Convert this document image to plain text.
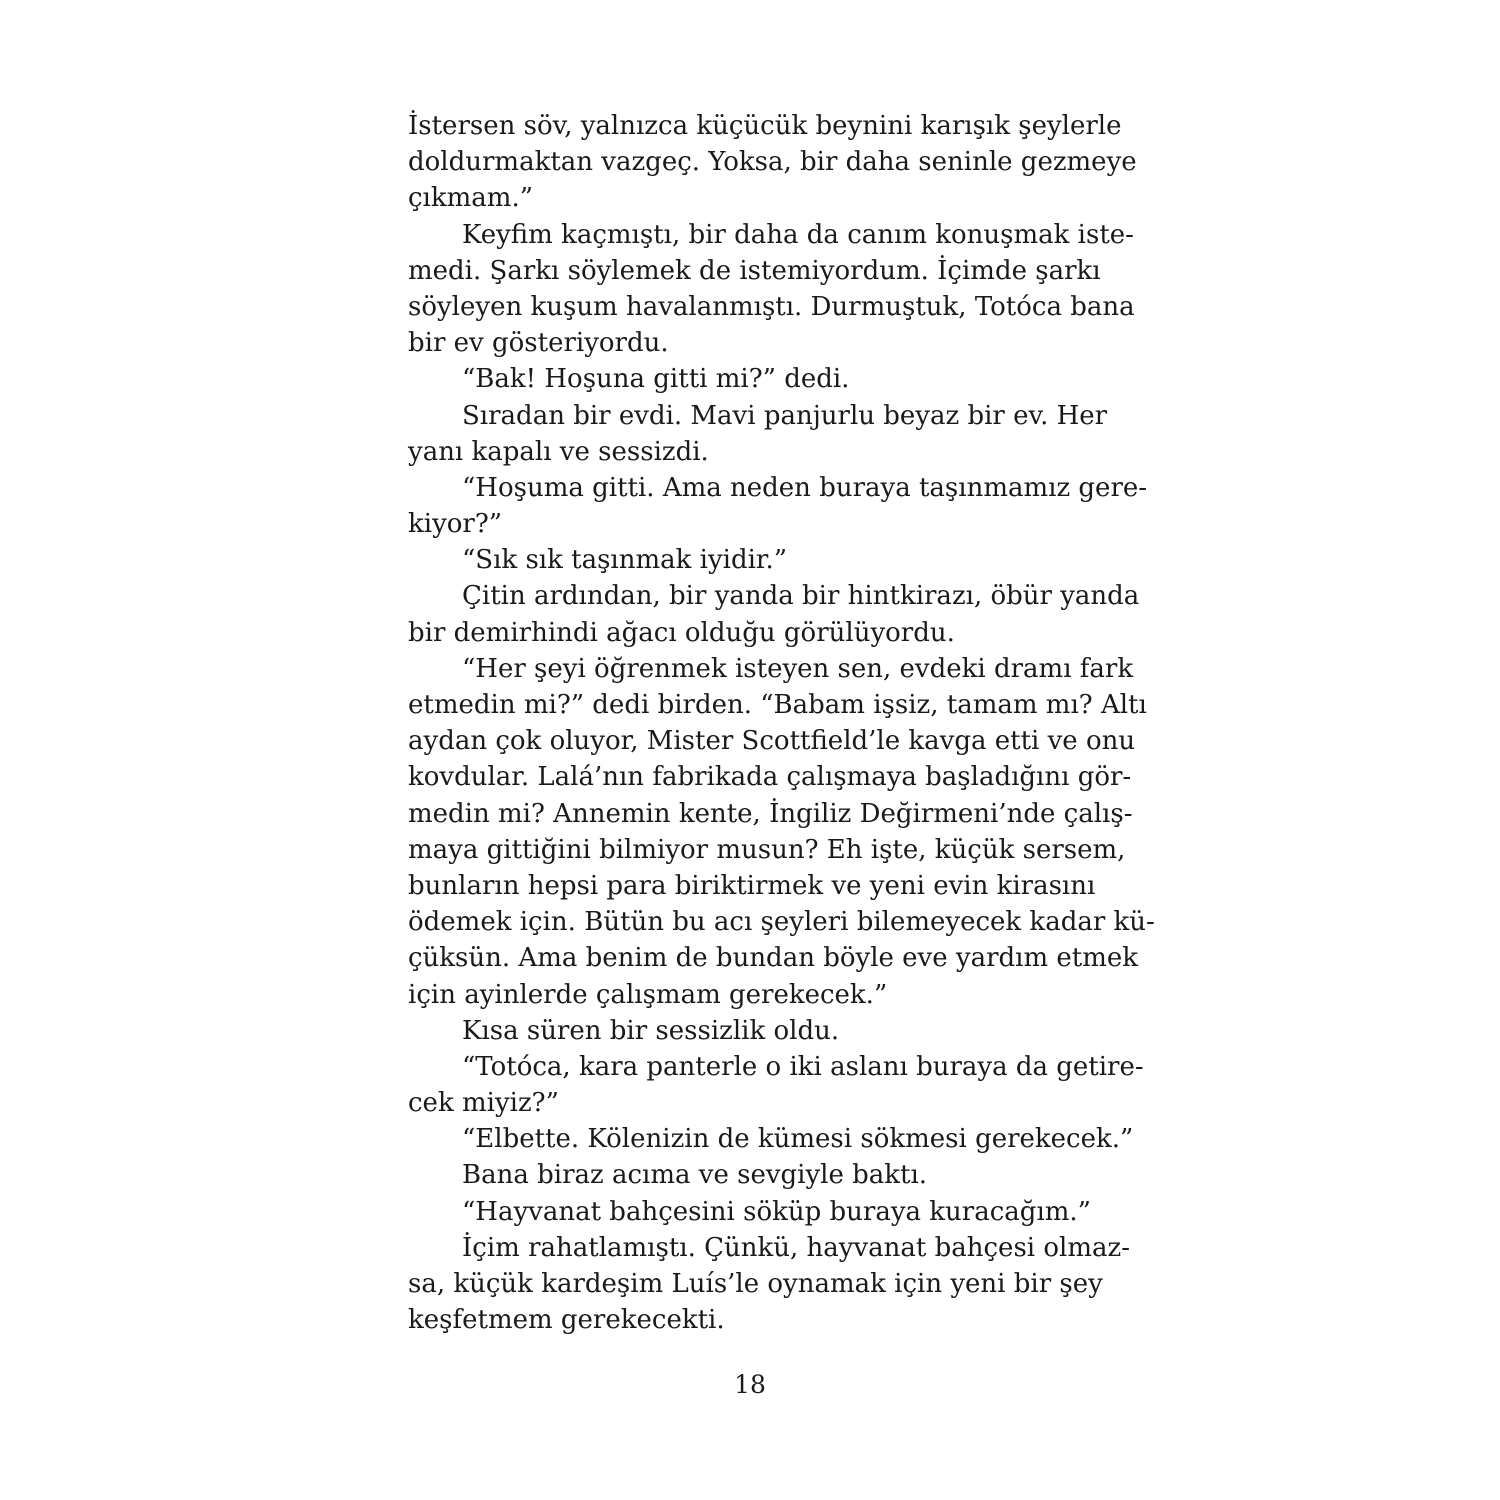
İstersen söv, yalnızca küçücük beynini karışık şeylerle
doldurmaktan vazgeç. Yoksa, bir daha seninle gezmeye
çıkmam.”
Keyfim kaçmıştı, bir daha da canım konuşmak iste-
medi. Şarkı söylemek de istemiyordum. İçimde şarkı
söyleyen kuşum havalanmıştı. Durmuştuk, Totóca bana
bir ev gösteriyordu.
“Bak! Hoşuna gitti mi?” dedi.
Sıradan bir evdi. Mavi panjurlu beyaz bir ev. Her
yanı kapalı ve sessizdi.
“Hoşuma gitti. Ama neden buraya taşınmamız gere-
kiyor?”
“Sık sık taşınmak iyidir.”
Çitin ardından, bir yanda bir hintkirazı, öbür yanda
bir demirhindi ağacı olduğu görülüyordu.
“Her şeyi öğrenmek isteyen sen, evdeki dramı fark
etmedin mi?” dedi birden. “Babam işsiz, tamam mı? Altı
aydan çok oluyor, Mister Scottfield’le kavga etti ve onu
kovdular. Lalá’nın fabrikada çalışmaya başladığını gör-
medin mi? Annemin kente, İngiliz Değirmeni’nde çalış-
maya gittiğini bilmiyor musun? Eh işte, küçük sersem,
bunların hepsi para biriktirmek ve yeni evin kirasını
ödemek için. Bütün bu acı şeyleri bilemeyecek kadar kü-
çüksün. Ama benim de bundan böyle eve yardım etmek
için ayinlerde çalışmam gerekecek.”
Kısa süren bir sessizlik oldu.
“Totóca, kara panterle o iki aslanı buraya da getire-
cek miyiz?”
“Elbette. Kölenizin de kümesi sökmesi gerekecek.”
Bana biraz acıma ve sevgiyle baktı.
“Hayvanat bahçesini söküp buraya kuracağım.”
İçim rahatlamıştı. Çünkü, hayvanat bahçesi olmaz-
sa, küçük kardeşim Luís’le oynamak için yeni bir şey
keşfetmem gerekecekti.
18
